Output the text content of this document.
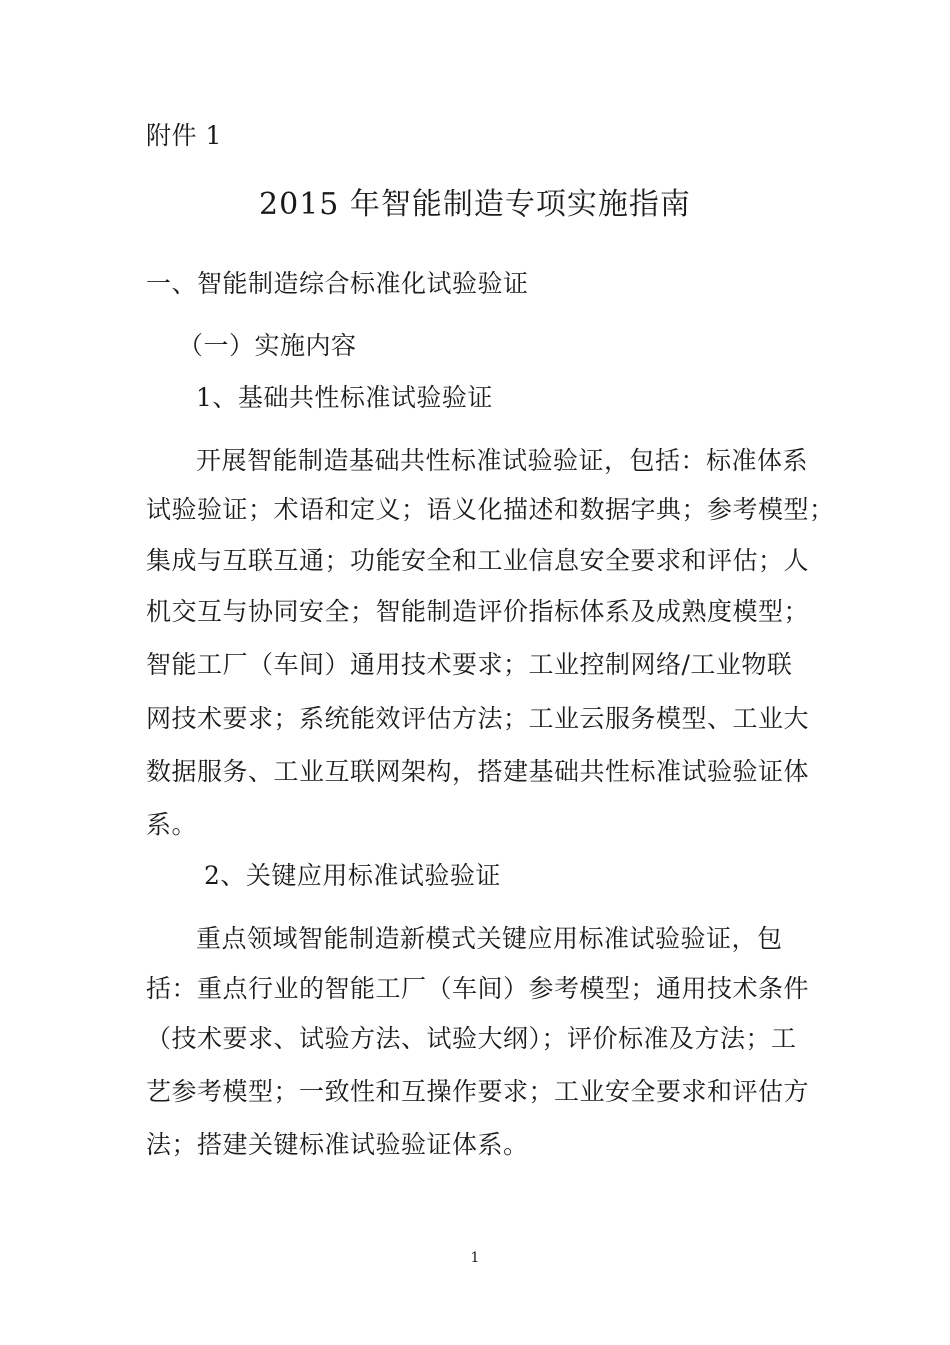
附件 1
2015 年智能制造专项实施指南
一、智能制造综合标准化试验验证
（一）实施内容
1、基础共性标准试验验证
开展智能制造基础共性标准试验验证，包括：标准体系
试验验证；术语和定义；语义化描述和数据字典；参考模型；
集成与互联互通；功能安全和工业信息安全要求和评估；人
机交互与协同安全；智能制造评价指标体系及成熟度模型；
智能工厂（车间）通用技术要求；工业控制网络/工业物联
网技术要求；系统能效评估方法；工业云服务模型、工业大
数据服务、工业互联网架构，搭建基础共性标准试验验证体
系。
2、关键应用标准试验验证
重点领域智能制造新模式关键应用标准试验验证，包
括：重点行业的智能工厂（车间）参考模型；通用技术条件
（技术要求、试验方法、试验大纲）；评价标准及方法；工
艺参考模型；一致性和互操作要求；工业安全要求和评估方
法；搭建关键标准试验验证体系。
1
